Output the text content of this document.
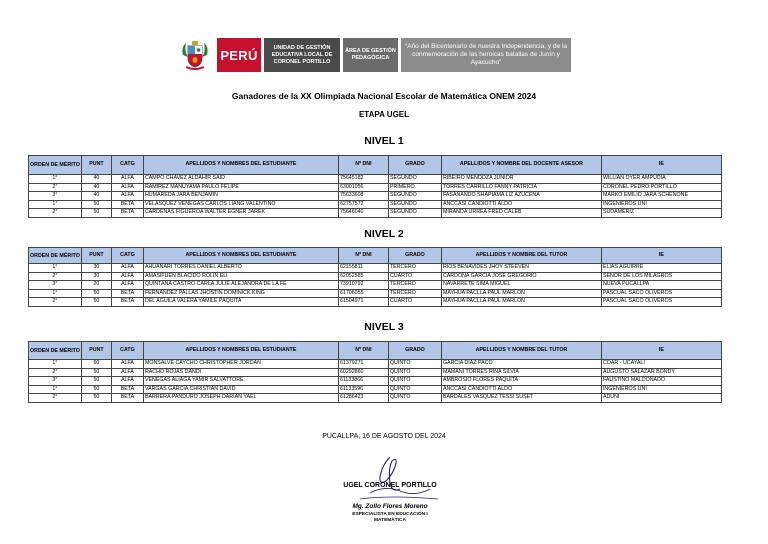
PERÚ	UNIDAD DE GESTIÓN EDUCATIVA LOCAL DE CORONEL PORTILLO
ÁREA DE GESTIÓN PEDAGÓGICA
“Año del Bicentenario de nuestra Independencia, y de la conmemoración de las heroicas batallas de Junín y Ayacucho”
Ganadores de la XX Olimpiada Nacional Escolar de Matemática ONEM 2024
ETAPA UGEL
NIVEL 1
NIVEL 2
NIVEL 3
ORDEN DE MÉRITO	PUNT	CATG	APELLIDOS Y NOMBRES DEL ESTUDIANTE	Nº DNI	GRADO	APELLIDOS Y NOMBRE DEL DOCENTE ASESOR	IE
1°	40	ALFA	CAMPO CHAVEZ ALDAHIR SAID	75645182	SEGUNDO	RIBEIRO MENDOZA JUNIOR	WILLIAN DYER AMPUDIA
2°	40	ALFA	RAMIREZ MANUYAMA PAULO FELIPE	63001056	PRIMERO	TORRES CARRILLO FANNY PATRICIA	CORONEL PEDRO PORTILLO
3°	40	ALFA	HUMAREDA JARA BENJAMIN	75633608	SEGUNDO	FASANANDO SHAPIAMA LIZ AZUCENA	MARKO EMILIO JARA SCHENONE
1°	50	BETA	VELASQUEZ VENEGAS CARLOS LIANG VALENTINO	62757572	SEGUNDO	ANCCASI CANDIOTTI ALDO	INGENIEROS UNI
2°	50	BETA	CARDENAS FIGUEROA WALTER EGNER JAREK	75646040	SEGUNDO	MIRANDA URREA FRED CALEB	SUDAMERIZ
ORDEN DE MÉRITO	PUNT	CATG	APELLIDOS Y NOMBRES DEL ESTUDIANTE	Nº DNI	GRADO	APELLIDOS Y NOMBRE DEL TUTOR	IE
1°	30	ALFA	AHUANARI TORRES DANIEL ALBERTO	62155811	TERCERO	RIOS BENAVIDES JHOY STEEVEN	ELIAS AGUIRRE
2°	30	ALFA	AMASIFUEN BLACIDO ROLIN ELI	62052585	CUARTO	CARDONA GARCIA JOSE GREGORIO	SEÑOR DE LOS MILAGROS
3°	20	ALFA	QUINTANA CASTRO CARLA JULIE ALEJANDRA DE LA FÉ	73910792	TERCERO	NAVARRETE SIMA MIGUEL	NUEVA PUCALLPA
1°	50	BETA	FERNANDEZ PALLAS JHOSTIN DOMINICK KING	61706055	TERCERO	MAYHUA PACLLA PAUL MARLON	PASCUAL SACO OLIVEROS
2°	50	BETA	DEL AGUILA VALERA YAMILE PAQUITA	61504971	CUARTO	MAYHUA PACLLA PAUL MARLON	PASCUAL SACO OLIVEROS
ORDEN DE MÉRITO	PUNT	CATG	APELLIDOS Y NOMBRES DEL ESTUDIANTE	Nº DNI	GRADO	APELLIDOS Y NOMBRE DEL TUTOR	IE
1°	60	ALFA	MONSALVE CAYCHO CHRISTOPHER JORDAN	61379271	QUINTO	GARCIA DIAZ PACO	COAR - UCAYALI
2°	50	ALFA	RACHO ROJAS DANDI	60292860	QUINTO	MAMANI TORRES RINA SILVIA	AUGUSTO SALAZAR BONDY
3°	50	ALFA	VENEGAS ALIAGA YAMIR SALVATTORE	61133866	QUINTO	AMBROSIO FLORES PAQUITA	FAUSTINO MALDONADO
1°	50	BETA	VARGAS GARCÍA CHRISTIAN DAVID	61133596	QUINTO	ANCCASI CANDIOTTI ALDO	INGENIEROS UNI
2°	50	BETA	BARRERA PANDURO JOSEPH DARIAN YAEL	61286423	QUINTO	BARDALES VASQUEZ TESSI SUSET	ADUNI
PUCALLPA, 16 DE AGOSTO DEL 2024
UGEL CORONEL PORTILLO
Mg. Zollo Flores Moreno
ESPECIALISTA EN EDUCACIÓN I
MATEMÁTICA
